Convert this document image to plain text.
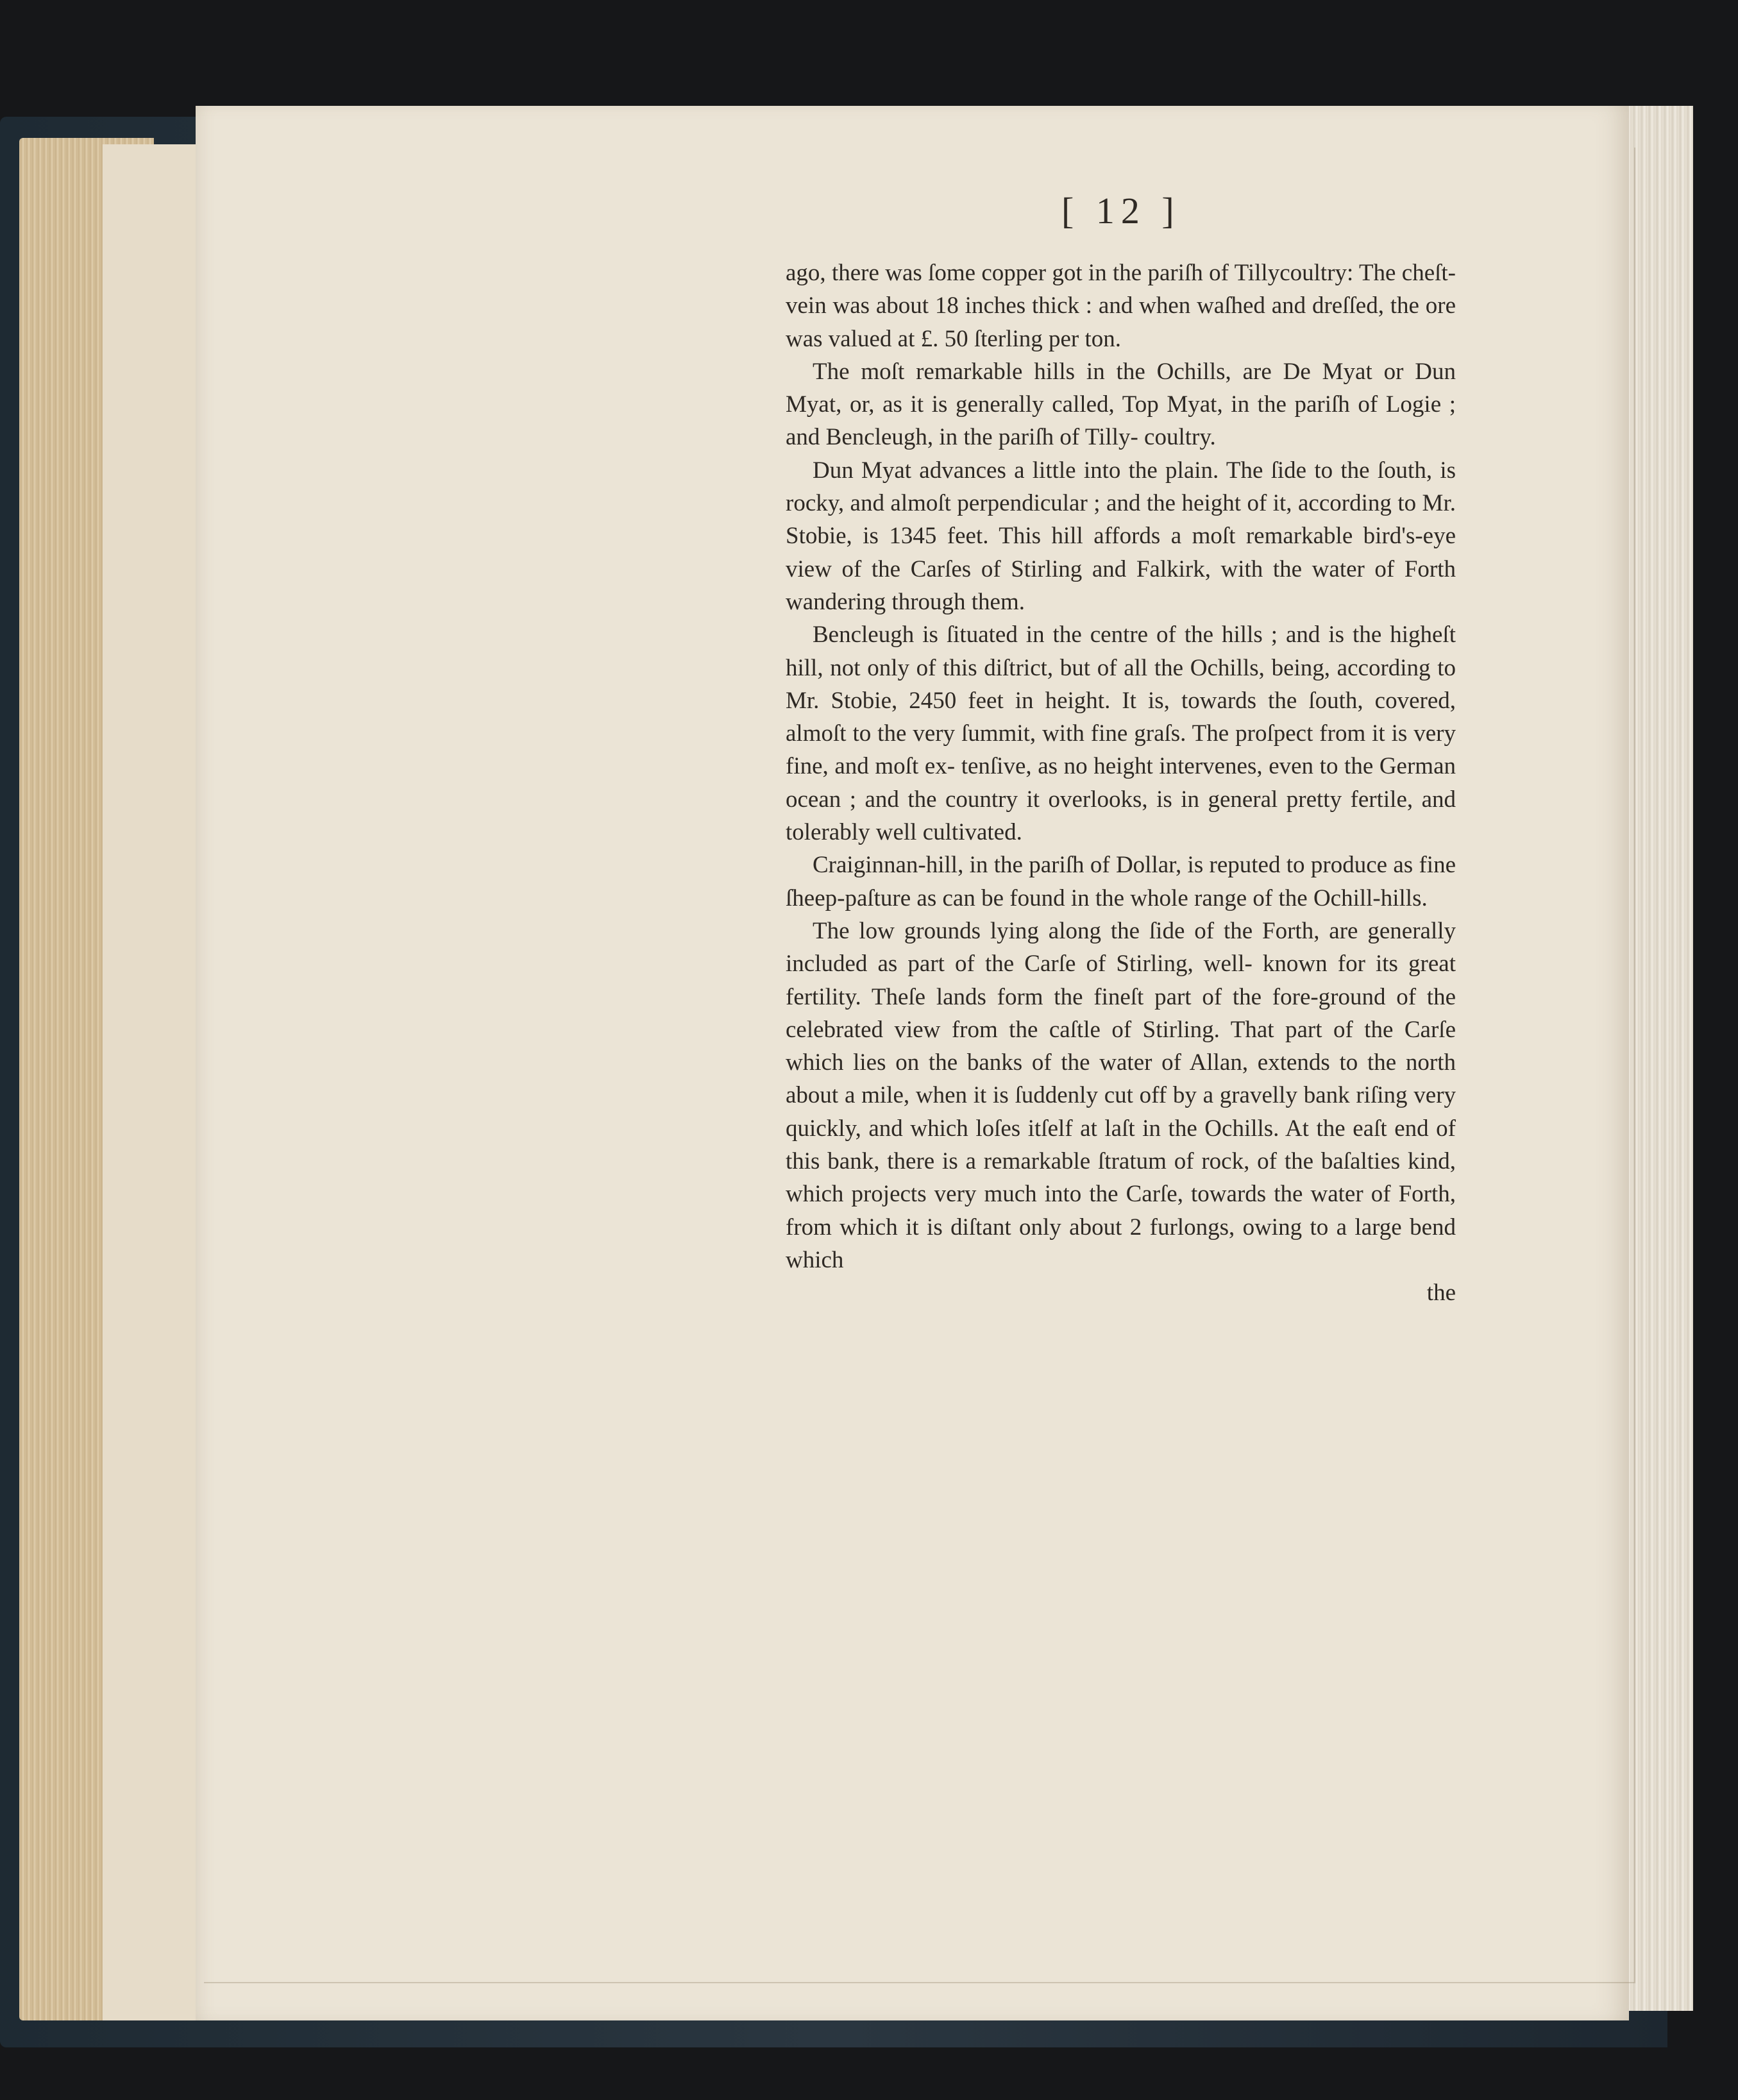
[ 12 ]

ago, there was ſome copper got in the pariſh of Tillycoultry: The cheſt-vein was about 18 inches thick : and when waſhed and dreſſed, the ore was valued at £. 50 ſterling per ton.

The moſt remarkable hills in the Ochills, are De Myat or Dun Myat, or, as it is generally called, Top Myat, in the pariſh of Logie ; and Bencleugh, in the pariſh of Tilly- coultry.

Dun Myat advances a little into the plain. The ſide to the ſouth, is rocky, and almoſt perpendicular ; and the height of it, according to Mr. Stobie, is 1345 feet. This hill affords a moſt remarkable bird's-eye view of the Carſes of Stirling and Falkirk, with the water of Forth wandering through them.

Bencleugh is ſituated in the centre of the hills ; and is the higheſt hill, not only of this diſtrict, but of all the Ochills, being, according to Mr. Stobie, 2450 feet in height. It is, towards the ſouth, covered, almoſt to the very ſummit, with fine graſs. The proſpect from it is very fine, and moſt ex- tenſive, as no height intervenes, even to the German ocean ; and the country it overlooks, is in general pretty fertile, and tolerably well cultivated.

Craiginnan-hill, in the pariſh of Dollar, is reputed to produce as fine ſheep-paſture as can be found in the whole range of the Ochill-hills.

The low grounds lying along the ſide of the Forth, are generally included as part of the Carſe of Stirling, well- known for its great fertility. Theſe lands form the fineſt part of the fore-ground of the celebrated view from the caſtle of Stirling. That part of the Carſe which lies on the banks of the water of Allan, extends to the north about a mile, when it is ſuddenly cut off by a gravelly bank riſing very quickly, and which loſes itſelf at laſt in the Ochills. At the eaſt end of this bank, there is a remarkable ſtratum of rock, of the baſalties kind, which projects very much into the Carſe, towards the water of Forth, from which it is diſtant only about 2 furlongs, owing to a large bend which

the
